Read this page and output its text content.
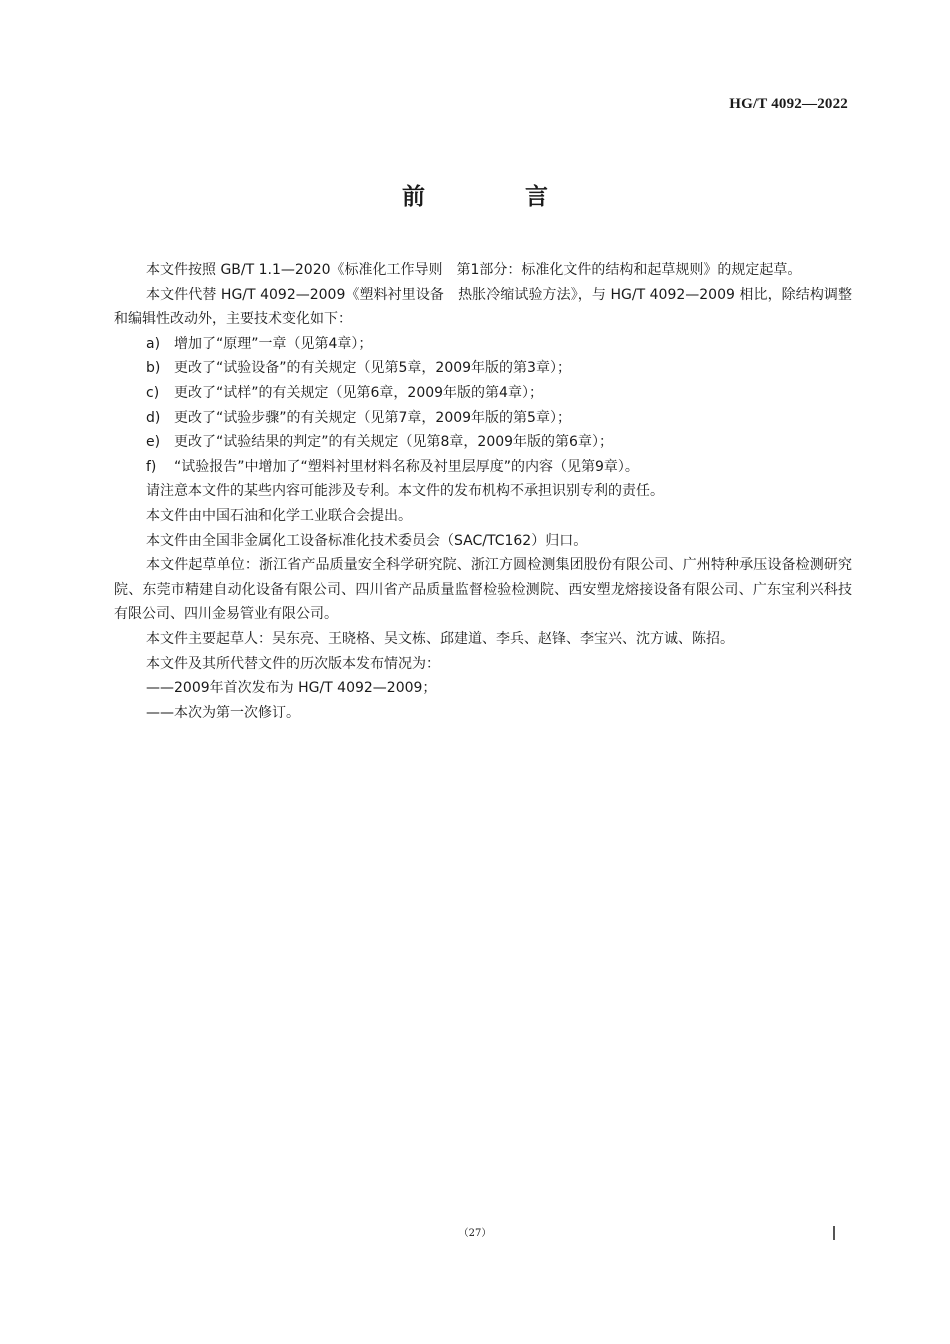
HG/T 4092—2022
前 言

本文件按照 GB/T 1.1—2020《标准化工作导则　第1部分：标准化文件的结构和起草规则》的规定起草。

本文件代替 HG/T 4092—2009《塑料衬里设备　热胀冷缩试验方法》，与 HG/T 4092—2009 相比，除结构调整和编辑性改动外，主要技术变化如下：

a) 增加了“原理”一章（见第4章）；

b) 更改了“试验设备”的有关规定（见第5章，2009年版的第3章）；

c) 更改了“试样”的有关规定（见第6章，2009年版的第4章）；

d) 更改了“试验步骤”的有关规定（见第7章，2009年版的第5章）；

e) 更改了“试验结果的判定”的有关规定（见第8章，2009年版的第6章）；

f) “试验报告”中增加了“塑料衬里材料名称及衬里层厚度”的内容（见第9章）。

请注意本文件的某些内容可能涉及专利。本文件的发布机构不承担识别专利的责任。

本文件由中国石油和化学工业联合会提出。

本文件由全国非金属化工设备标准化技术委员会（SAC/TC162）归口。

本文件起草单位：浙江省产品质量安全科学研究院、浙江方圆检测集团股份有限公司、广州特种承压设备检测研究院、东莞市精建自动化设备有限公司、四川省产品质量监督检验检测院、西安塑龙熔接设备有限公司、广东宝利兴科技有限公司、四川金易管业有限公司。

本文件主要起草人：吴东亮、王晓格、吴文栋、邱建道、李兵、赵锋、李宝兴、沈方诚、陈招。

本文件及其所代替文件的历次版本发布情况为：

——2009年首次发布为 HG/T 4092—2009；

——本次为第一次修订。

（27）
